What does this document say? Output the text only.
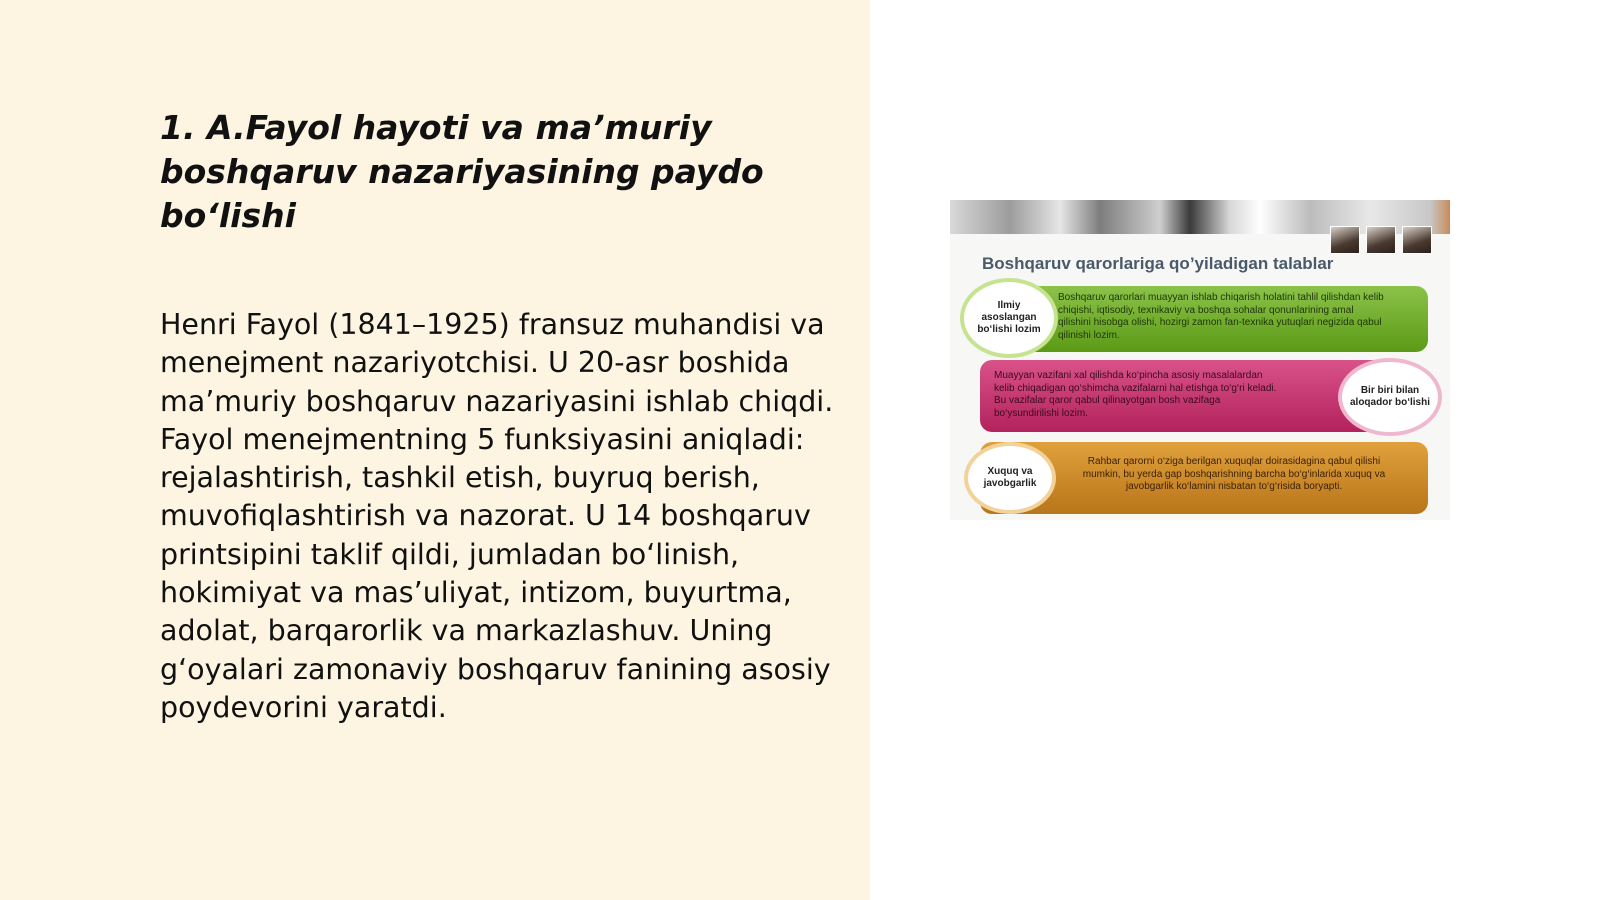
1. A.Fayol hayoti va ma’muriy boshqaruv nazariyasining paydo bo‘lishi

Henri Fayol (1841–1925) fransuz muhandisi va menejment nazariyotchisi. U 20-asr boshida ma’muriy boshqaruv nazariyasini ishlab chiqdi. Fayol menejmentning 5 funksiyasini aniqladi: rejalashtirish, tashkil etish, buyruq berish, muvofiqlashtirish va nazorat. U 14 boshqaruv printsipini taklif qildi, jumladan bo‘linish, hokimiyat va mas’uliyat, intizom, buyurtma, adolat, barqarorlik va markazlashuv. Uning g‘oyalari zamonaviy boshqaruv fanining asosiy poydevorini yaratdi.

Boshqaruv qarorlariga qo’yiladigan talablar
Boshqaruv qarorlari muayyan ishlab chiqarish holatini tahlil qilishdan kelib chiqishi, iqtisodiy, texnikaviy va boshqa sohalar qonunlarining amal qilishini hisobga olishi, hozirgi zamon fan-texnika yutuqlari negizida qabul qilinishi lozim.
Ilmiy asoslangan bo‘lishi lozim
Muayyan vazifani xal qilishda ko‘pincha asosiy masalalardan kelib chiqadigan qo‘shimcha vazifalarni hal etishga to‘g‘ri keladi. Bu vazifalar qaror qabul qilinayotgan bosh vazifaga bo‘ysundirilishi lozim.
Bir biri bilan aloqador bo‘lishi
Rahbar qarorni o‘ziga berilgan xuquqlar doirasidagina qabul qilishi mumkin, bu yerda gap boshqarishning barcha bo‘g‘inlarida xuquq va javobgarlik ko‘lamini nisbatan to‘g‘risida boryapti.
Xuquq va javobgarlik
